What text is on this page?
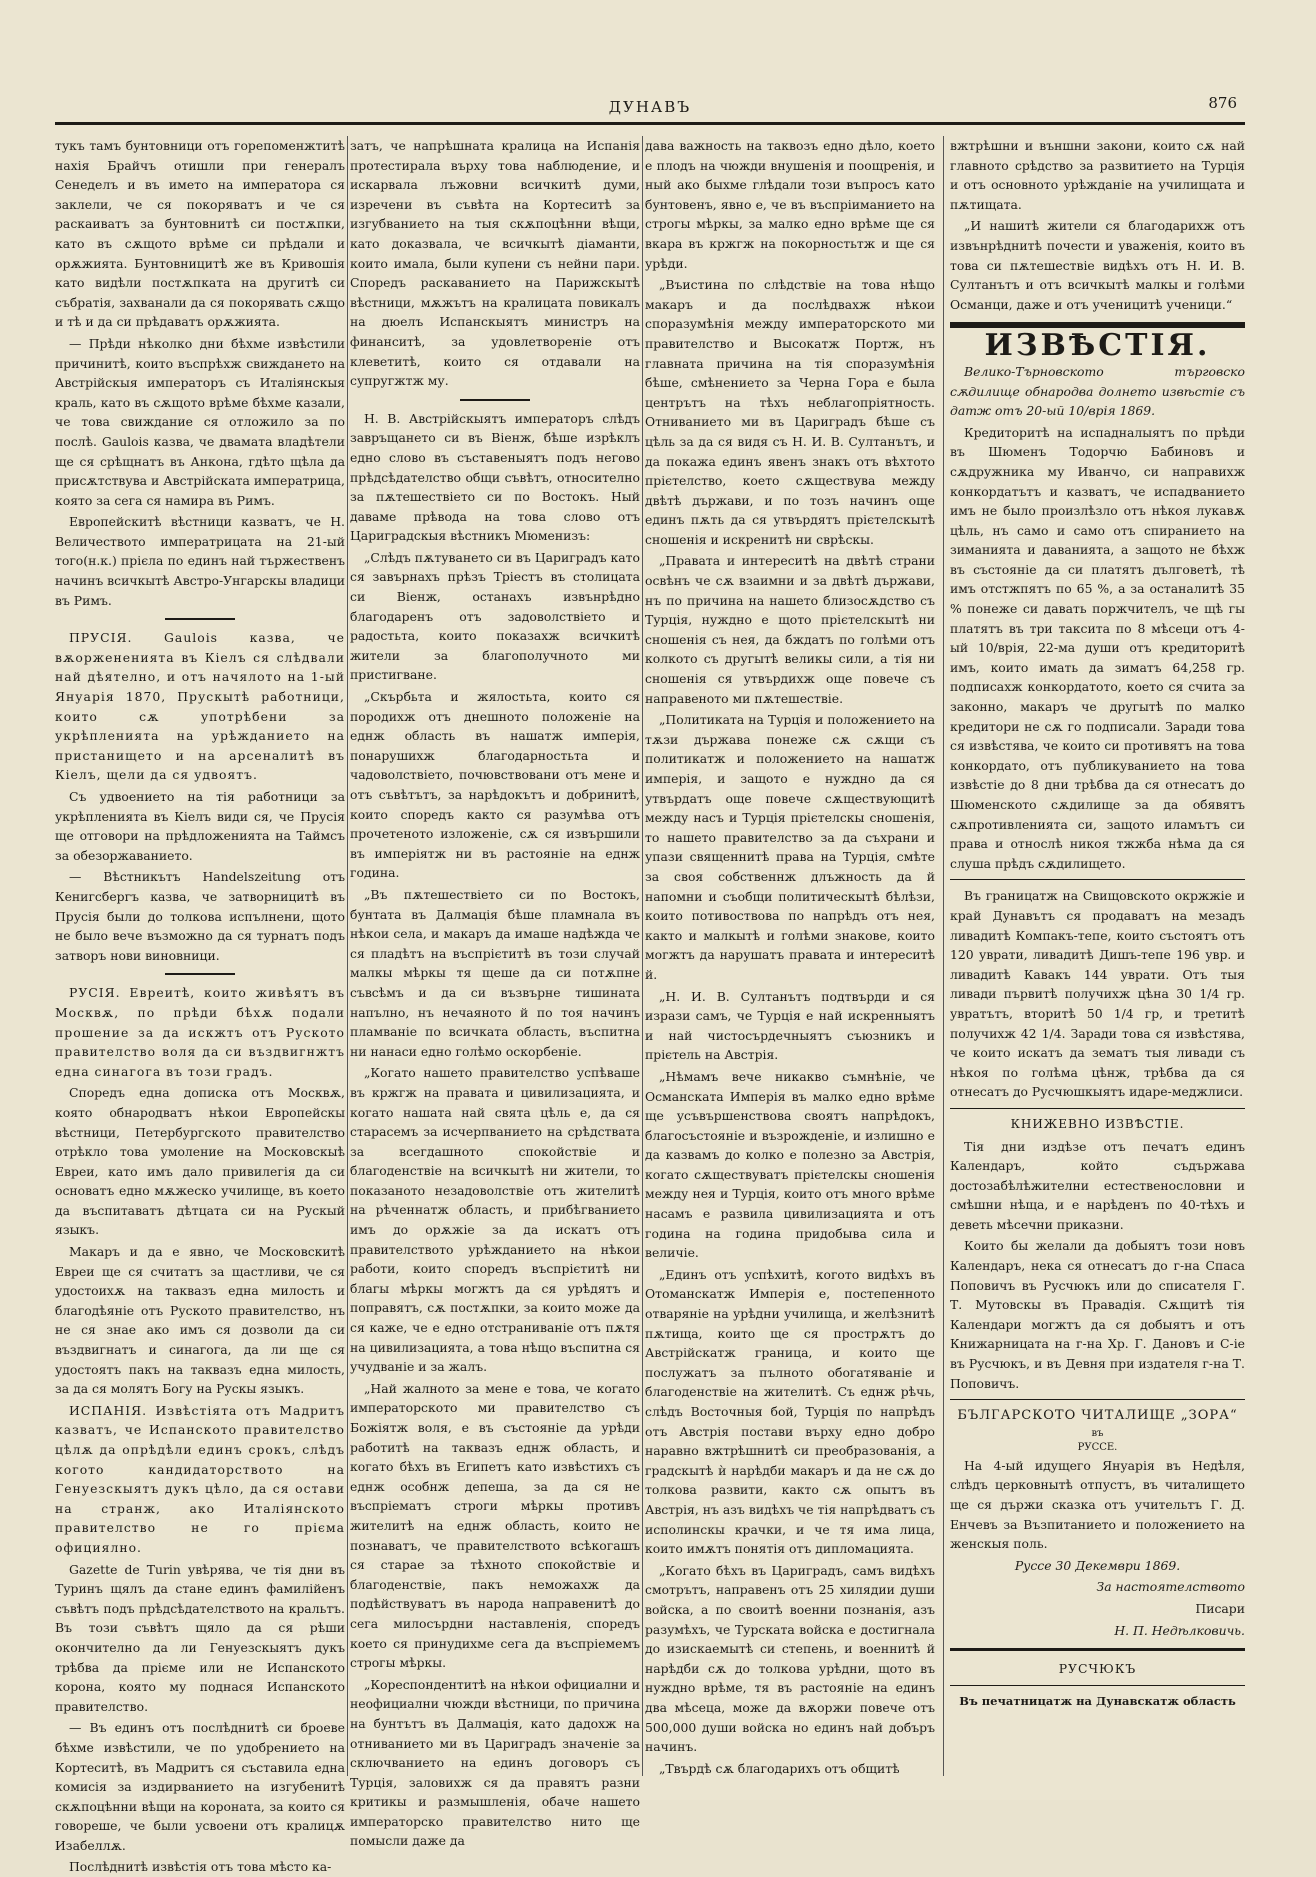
ДУНАВЪ	876

тукъ тамъ бунтовници отъ горепоменжтитѣ нахія Брайчъ отишли при генералъ Сенеделъ и въ името на императора ся заклели, че ся покоряватъ и че ся раскаиватъ за бунтовнитѣ си постѫпки, като въ сѫщото врѣме си прѣдали и орѫжията. Бунтовницитѣ же въ Кривошія като видѣли постѫпката на другитѣ си събратія, захванали да ся покорявать сѫщо и тѣ и да си прѣдаватъ орѫжията.

— Прѣди нѣколко дни бѣхме извѣстили причинитѣ, които въспрѣхж свиждането на Австрійскыя императоръ съ Италіянскыя краль, като въ сѫщото врѣме бѣхме казали, че това свиждание ся отложило за по послѣ. Gaulois казва, че двамата владѣтели ще ся срѣщнатъ въ Анкона, гдѣто щѣла да присѫтствува и Австрійската императрица, която за сега ся намира въ Римъ.

Европейскитѣ вѣстници казватъ, че Н. Величеството императрицата на 21-ый того(н.к.) прієла по единъ най тържественъ начинъ всичкытѣ Австро-Унгарскы владици въ Римъ.

ПРУСІЯ. Gaulois казва, че вѫоржененията въ Кіелъ ся слѣдвали най дѣятелно, и отъ начялото на 1-ый Януарія 1870, Прускытѣ работници, които сѫ употрѣбени за укрѣпленията на урѣжданието на пристанището и на арсеналитѣ въ Кіелъ, щели да ся удвоятъ.

Съ удвоението на тія работници за укрѣпленията въ Кіелъ види ся, че Прусія ще отговори на прѣдложенията на Таймсъ за обезоржаванието.

— Вѣстникътъ Handelszeitung отъ Кенигсбергъ казва, че затворницитѣ въ Прусія были до толкова испълнени, щото не было вече възможно да ся турнатъ подъ затворъ нови виновници.

РУСІЯ. Евреитѣ, които живѣятъ въ Москвѫ, по прѣди бѣхѫ подали прошение за да искжтъ отъ Руското правителство воля да си въздвигнжтъ една синагога въ този градъ.

Споредъ една дописка отъ Москвѫ, която обнародватъ нѣкои Европейскы вѣстници, Петербургското правителство отрѣкло това умоление на Московскыѣ Евреи, като имъ дало привилегія да си основатъ едно мѫжеско училище, въ което да въспитаватъ дѣтцата си на Рускый языкъ.

Макаръ и да е явно, че Московскитѣ Евреи ще ся считатъ за щастливи, че ся удостоихѫ на таквазъ една милость и благодѣяніе отъ Руското правителство, нъ не ся знае ако имъ ся дозволи да си въздвигнатъ и синагога, да ли ще ся удостоятъ пакъ на таквазъ една милость, за да ся молятъ Богу на Рускы языкъ.

ИСПАНІЯ. Извѣстіята отъ Мадритъ казватъ, че Испанското правителство цѣлѫ да опрѣдѣли единъ срокъ, слѣдъ когото кандидаторството на Генуезскыятъ дукъ цѣло, да ся остави на странж, ако Италіянското правителство не го прієма официялно.

Gazette de Turin увѣрява, че тія дни въ Туринъ щялъ да стане единъ фамилійенъ съвѣтъ подъ прѣдсѣдателството на кральтъ. Въ този съвѣтъ щяло да ся рѣши окончително да ли Генуезскыятъ дукъ трѣбва да прієме или не Испанското корона, която му поднася Испанското правителство.

— Въ единъ отъ послѣднитѣ си броеве бѣхме извѣстили, че по удобрението на Кортеситѣ, въ Мадритъ ся съставила една комисія за издирванието на изгубенитѣ скѫпоцѣнни вѣщи на короната, за които ся говореше, че были усвоени отъ кралицѫ Изабеллѫ.

Послѣднитѣ извѣстія отъ това мѣсто ка-

затъ, че напрѣшната кралица на Испанія протестирала върху това наблюдение, и искарвала лъжовни всичкитѣ думи, изречени въ съвѣта на Кортеситѣ за изгубванието на тыя скѫпоцѣнни вѣщи, като доказвала, че всичкытѣ діаманти, които имала, были купени съ нейни пари. Споредъ раскаванието на Парижскытѣ вѣстници, мѫжътъ на кралицата повикалъ на дюелъ Испанскыятъ министръ на финанситѣ, за удовлетвореніе отъ клеветитѣ, които ся отдавали на супругжтж му.

Н. В. Австрійскыятъ императоръ слѣдъ завръщането си въ Віенж, бѣше изрѣклъ едно слово въ съставеныятъ подъ негово прѣдсѣдателство общи съвѣтъ, относително за пѫтешествіето си по Востокъ. Ный даваме прѣвода на това слово отъ Цариградскыя вѣстникъ Мюменизъ:

„Слѣдъ пѫтуването си въ Цариградъ като ся завърнахъ прѣзъ Тріестъ въ столицата си Віенж, останахъ извънрѣдно благодаренъ отъ задоволствіето и радостьта, които показахж всичкитѣ жители за благополучното ми пристигване.

„Скърбьта и жялостьта, които ся породихж отъ днешното положеніе на еднж область въ нашатж имперія, понарушихж благодарностьта и чадоволствіето, почювствовани отъ мене и отъ съвѣтътъ, за нарѣдокътъ и добринитѣ, които споредъ както ся разумѣва отъ прочетеното изложеніе, сѫ ся извършили въ имперіятж ни въ растояніе на еднж година.

„Въ пѫтешествіето си по Востокъ, бунтата въ Далмація бѣше пламнала въ нѣкои села, и макаръ да имаше надѣжда че ся пладѣтъ на въспрієтитѣ въ този случай малкы мѣркы тя щеше да си потѫпне съвсѣмъ и да си възвърне тишината напълно, нъ нечаяното й по тоя начинъ пламваніе по всичката область, въспитна ни нанаси едно голѣмо оскорбеніе.

„Когато нашето правителство успѣваше въ кржгж на правата и цивилизацията, и когато нашата най свята цѣль е, да ся старасемъ за исчерпванието на срѣдствата за всегдашното спокойствіе и благоденствіе на всичкытѣ ни жители, то показаното незадоволствіе отъ жителитѣ на рѣченнатж область, и прибѣгванието имъ до орѫжіе за да искатъ отъ правителството урѣжданието на нѣкои работи, които споредъ въспрієтитѣ ни благы мѣркы могжтъ да ся урѣдятъ и поправятъ, сѫ постѫпки, за които може да ся каже, че е едно отстраниваніе отъ пѫтя на цивилизацията, а това нѣщо въспитна ся учудваніе и за жалъ.

„Най жалното за мене е това, че когато императорското ми правителство съ Божіятж воля, е въ състояніе да урѣди работитѣ на таквазъ еднж область, и когато бѣхъ въ Египетъ като извѣстихъ съ еднж особнж депеша, за да ся не въспріематъ строги мѣркы противъ жителитѣ на еднж область, които не познаватъ, че правителството всѣкогашъ ся старае за тѣхното спокойствіе и благоденствіе, пакъ неможахж да подѣйствуватъ въ народа направенитѣ до сега милосърдни наставленія, споредъ което ся принудихме сега да въспріемемъ строгы мѣркы.

„Кореспондентитѣ на нѣкои официални и неофициални чюжди вѣстници, по причина на бунтътъ въ Далмація, като дадохж на отниванието ми въ Цариградъ значеніе за сключванието на единъ договоръ съ Турція, заловихж ся да правятъ разни критикы и размышленія, обаче нашето императорско правителство нито ще помысли даже да

дава важность на таквозъ едно дѣло, което е плодъ на чюжди внушенія и поощренія, и ный ако быхме глѣдали този въпросъ като бунтовенъ, явно е, че въ въспріиманието на строгы мѣркы, за малко едно врѣме ще ся вкара въ кржгж на покорностьтж и ще ся урѣди.

„Въистина по слѣдствіе на това нѣщо макаръ и да послѣдвахж нѣкои споразумѣнія между императорското ми правителство и Высокатж Портж, нъ главната причина на тія споразумѣнія бѣше, смѣнението за Черна Гора е была центрътъ на тѣхъ неблагопріятность. Отниванието ми въ Цариградъ бѣше съ цѣль за да ся видя съ Н. И. В. Султанътъ, и да покажа единъ явенъ знакъ отъ вѣхтото прієтелство, което сѫществува между двѣтѣ държави, и по тозъ начинъ още единъ пѫть да ся утвърдятъ прієтелскытѣ сношенія и искренитѣ ни сврѣскы.

„Правата и интереситѣ на двѣтѣ страни освѣнъ че сѫ взаимни и за двѣтѣ държави, нъ по причина на нашето близосѫдство съ Турція, нуждно е щото прієтелскытѣ ни сношенія съ нея, да бждатъ по голѣми отъ колкото съ другытѣ великы сили, а тія ни сношенія ся утвърдихж още повече съ направеното ми пѫтешествіе.

„Политиката на Турція и положението на тѫзи държава понеже сѫ сѫщи съ политикатж и положението на нашатж имперія, и защото е нуждно да ся утвърдатъ още повече сѫществующитѣ между насъ и Турція прієтелскы сношенія, то нашето правителство за да съхрани и упази священнитѣ права на Турція, смѣте за своя собственнж длъжность да й напомни и съобщи политическытѣ бѣлѣзи, които потивоствова по напрѣдъ отъ нея, както и малкытѣ и голѣми знакове, които могжтъ да нарушатъ правата и интереситѣ й.

„Н. И. В. Султанътъ подтвърди и ся изрази самъ, че Турція е най искренныятъ и най чистосърдечныятъ съюзникъ и прієтель на Австрія.

„Нѣмамъ вече никакво съмнѣніе, че Османската Имперія въ малко едно врѣме ще усъвършенствова своятъ напрѣдокъ, благосъстоянie и възрожденіе, и излишно е да казвамъ до колко е полезно за Австрія, когато сѫществуватъ прієтелскы сношенія между нея и Турція, които отъ много врѣме насамъ е развила цивилизацията и отъ година на година придобыва сила и величіе.

„Единъ отъ успѣхитѣ, когото видѣхъ въ Отоманскатж Имперія е, постепенното отваряніе на урѣдни училища, и желѣзнитѣ пѫтища, които ще ся прострѫтъ до Австрійскатж граница, и които ще послужатъ за пълното обогатяваніе и благоденствіе на жителитѣ. Съ еднж рѣчь, слѣдъ Восточныя бой, Турція по напрѣдъ отъ Австрія постави върху едно добро наравно вжтрѣшнитѣ си преобразованія, а градскытѣ ѝ нарѣдби макаръ и да не сѫ до толкова развити, както сѫ опытъ въ Австрія, нъ азъ видѣхъ че тія напрѣдватъ съ исполинскы крачки, и че тя има лица, които имѫтъ понятія отъ дипломацията.

„Когато бѣхъ въ Цариградъ, самъ видѣхъ смотрътъ, направенъ отъ 25 хилядии души войска, а по своитѣ военни познанія, азъ разумѣхъ, че Турската войска е достигнала до изискаемытѣ си степень, и военнитѣ й нарѣдби сѫ до толкова урѣдни, щото въ нуждно врѣме, тя въ растояніе на единъ два мѣсеца, може да вѫоржи повече отъ 500,000 души войска но единъ най добъръ начинъ.

„Твърдѣ сѫ благодарихъ отъ общитѣ

вжтрѣшни и външни закони, които сѫ най главното срѣдство за развитието на Турція и отъ основното урѣжданіе на училищата и пѫтищата.

„И нашитѣ жители ся благодарихж отъ извънрѣднитѣ почести и уваженія, които въ това си пѫтешествіе видѣхъ отъ Н. И. В. Султанътъ и отъ всичкытѣ малкы и голѣми Османци, даже и отъ ученицитѣ ученици.“

ИЗВѢСТІЯ.

Велико-Търновското търговско сѫдилище обнародва долнето извѣстіе съ датж отъ 20-ый 10/врія 1869.

Кредиторитѣ на испадналыятъ по прѣди въ Шюменъ Тодорчю Бабиновъ и сѫдружника му Иванчо, си направихж конкордатътъ и казватъ, че испадванието имъ не было произлѣзло отъ нѣкоя лукавѫ цѣль, нъ само и само отъ спиранието на зиманията и даванията, а защото не бѣхж въ състояніе да си платятъ дълговетѣ, тѣ имъ отстжпятъ по 65 %, а за останалитѣ 35 % понеже си давать поржчителъ, че щѣ гы платятъ въ три таксита по 8 мѣсеци отъ 4-ый 10/врія, 22-ма души отъ кредиторитѣ имъ, които имать да зиматъ 64,258 гр. подписахж конкордатото, което ся счита за законно, макаръ че другытѣ по малко кредитори не сѫ го подписали. Заради това ся извѣстява, че които си противятъ на това конкордато, отъ публикуванието на това извѣстіе до 8 дни трѣбва да ся отнесатъ до Шюменското сѫдилище за да обявятъ сѫпротивленията си, защото иламътъ си права и относлѣ никоя тжжба нѣма да ся слуша прѣдъ сѫдилището.

Въ границатж на Свищовското окржжіе и край Дунавътъ ся продаватъ на мезадъ ливадитѣ Компакъ-тепе, които състоятъ отъ 120 уврати, ливадитѣ Дишъ-тепе 196 увр. и ливадитѣ Кавакъ 144 уврати. Отъ тыя ливади първитѣ получихж цѣна 30 1/4 гр. увратътъ, вторитѣ 50 1/4 гр, и третитѣ получихж 42 1/4. Заради това ся извѣстява, че които искатъ да зематъ тыя ливади съ нѣкоя по голѣма цѣнж, трѣбва да ся отнесатъ до Русчюшкыятъ идаре-меджлиси.

КНИЖЕВНО ИЗВѢСТІЕ.

Тія дни издѣзе отъ печатъ единъ Календаръ, който съдържава достозабѣлѣжителни естественословни и смѣшни нѣща, и е нарѣденъ по 40-тѣхъ и деветь мѣсечни приказни.

Които бы желали да добыятъ този новъ Календаръ, нека ся отнесатъ до г-на Спаса Поповичъ въ Русчюкъ или до списателя Г. Т. Мутовскы въ Правадія. Сѫщитѣ тія Календари могжтъ да ся добыятъ и отъ Книжарницата на г-на Хр. Г. Дановъ и С-іе въ Русчюкъ, и въ Девня при издателя г-на Т. Поповичъ.

БЪЛГАРСКОТО ЧИТАЛИЩЕ „ЗОРА“

въ

РУССЕ.

На 4-ый идущего Януарія въ Недѣля, слѣдъ церковнытѣ отпустъ, въ читалището ще ся държи сказка отъ учительтъ Г. Д. Енчевъ за Възпитанието и положението на женскыя поль.

Руссе 30 Декември 1869.

За настоятелството

Писари

Н. П. Недѣлковичь.

РУСЧЮКЪ

Въ печатницатж на Дунавскатж область
